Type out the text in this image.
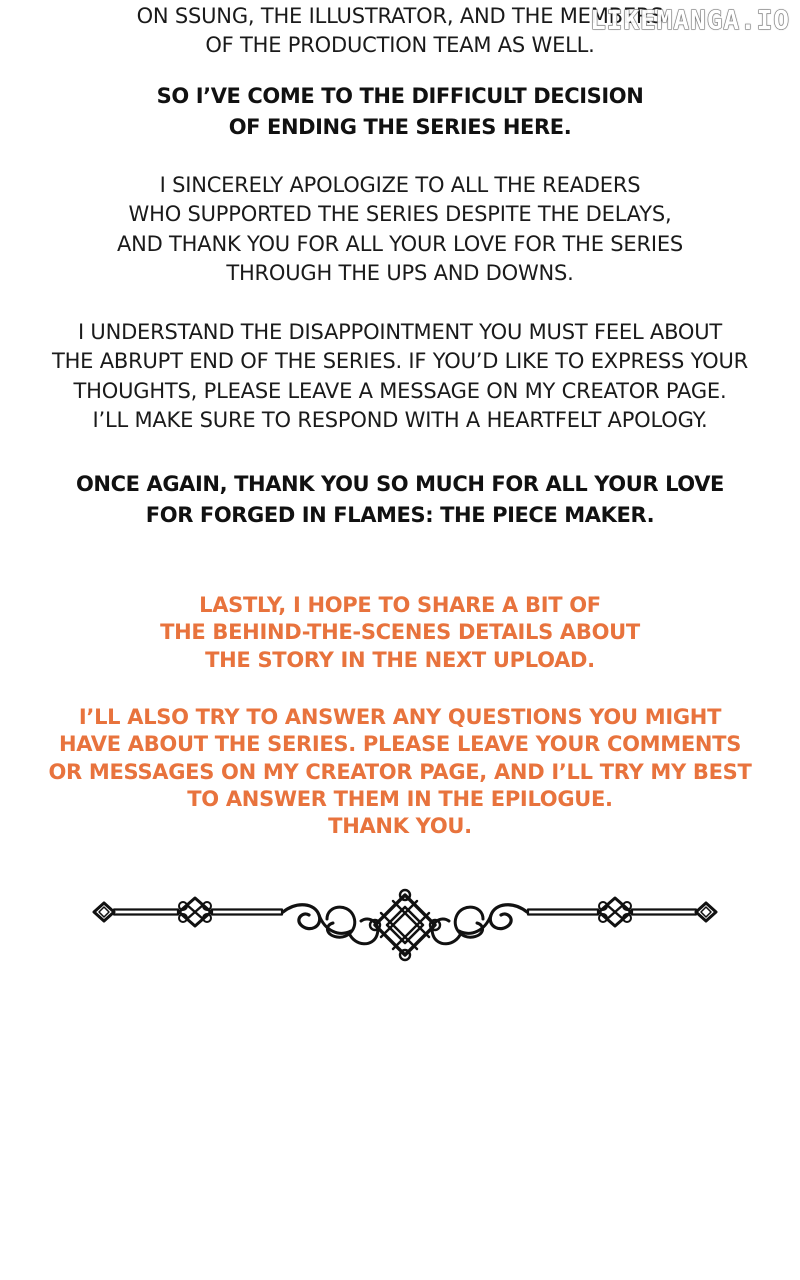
ON SSUNG, THE ILLUSTRATOR, AND THE MEMBERS
OF THE PRODUCTION TEAM AS WELL.
LIKEMANGA.IO
SO I’VE COME TO THE DIFFICULT DECISION
OF ENDING THE SERIES HERE.
I SINCERELY APOLOGIZE TO ALL THE READERS
WHO SUPPORTED THE SERIES DESPITE THE DELAYS,
AND THANK YOU FOR ALL YOUR LOVE FOR THE SERIES
THROUGH THE UPS AND DOWNS.
I UNDERSTAND THE DISAPPOINTMENT YOU MUST FEEL ABOUT
THE ABRUPT END OF THE SERIES. IF YOU’D LIKE TO EXPRESS YOUR
THOUGHTS, PLEASE LEAVE A MESSAGE ON MY CREATOR PAGE.
I’LL MAKE SURE TO RESPOND WITH A HEARTFELT APOLOGY.
ONCE AGAIN, THANK YOU SO MUCH FOR ALL YOUR LOVE
FOR FORGED IN FLAMES: THE PIECE MAKER.
LASTLY, I HOPE TO SHARE A BIT OF
THE BEHIND-THE-SCENES DETAILS ABOUT
THE STORY IN THE NEXT UPLOAD.
I’LL ALSO TRY TO ANSWER ANY QUESTIONS YOU MIGHT
HAVE ABOUT THE SERIES. PLEASE LEAVE YOUR COMMENTS
OR MESSAGES ON MY CREATOR PAGE, AND I’LL TRY MY BEST
TO ANSWER THEM IN THE EPILOGUE.
THANK YOU.
